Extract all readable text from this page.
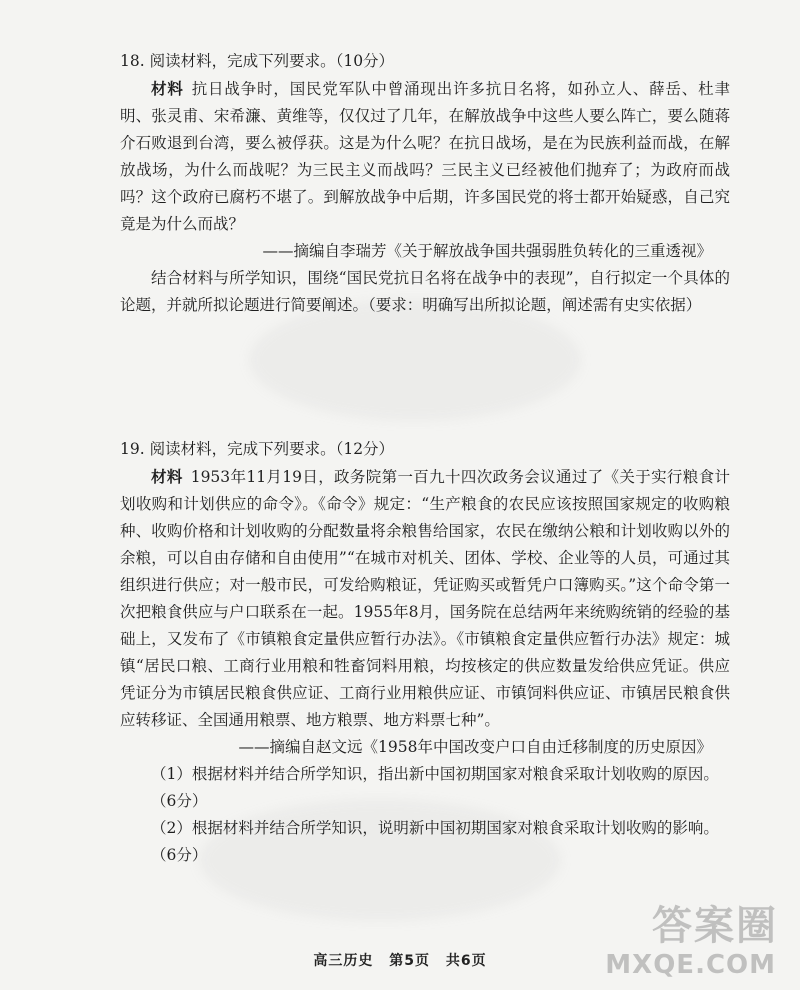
18. 阅读材料，完成下列要求。（10分）

材料 抗日战争时，国民党军队中曾涌现出许多抗日名将，如孙立人、薛岳、杜聿明、张灵甫、宋希濂、黄维等，仅仅过了几年，在解放战争中这些人要么阵亡，要么随蒋介石败退到台湾，要么被俘获。这是为什么呢？在抗日战场，是在为民族利益而战，在解放战场，为什么而战呢？为三民主义而战吗？三民主义已经被他们抛弃了；为政府而战吗？这个政府已腐朽不堪了。到解放战争中后期，许多国民党的将士都开始疑惑，自己究竟是为什么而战？

——摘编自李瑞芳《关于解放战争国共强弱胜负转化的三重透视》

结合材料与所学知识，围绕“国民党抗日名将在战争中的表现”，自行拟定一个具体的论题，并就所拟论题进行简要阐述。（要求：明确写出所拟论题，阐述需有史实依据）

19. 阅读材料，完成下列要求。（12分）

材料 1953年11月19日，政务院第一百九十四次政务会议通过了《关于实行粮食计划收购和计划供应的命令》。《命令》规定：“生产粮食的农民应该按照国家规定的收购粮种、收购价格和计划收购的分配数量将余粮售给国家，农民在缴纳公粮和计划收购以外的余粮，可以自由存储和自由使用”“在城市对机关、团体、学校、企业等的人员，可通过其组织进行供应；对一般市民，可发给购粮证，凭证购买或暂凭户口簿购买。”这个命令第一次把粮食供应与户口联系在一起。1955年8月，国务院在总结两年来统购统销的经验的基础上，又发布了《市镇粮食定量供应暂行办法》。《市镇粮食定量供应暂行办法》规定：城镇“居民口粮、工商行业用粮和牲畜饲料用粮，均按核定的供应数量发给供应凭证。供应凭证分为市镇居民粮食供应证、工商行业用粮供应证、市镇饲料供应证、市镇居民粮食供应转移证、全国通用粮票、地方粮票、地方料票七种”。

——摘编自赵文远《1958年中国改变户口自由迁移制度的历史原因》

（1）根据材料并结合所学知识，指出新中国初期国家对粮食采取计划收购的原因。（6分）

（2）根据材料并结合所学知识，说明新中国初期国家对粮食采取计划收购的影响。（6分）

高三历史 第5页 共6页
答案圈
MXQE.COM
